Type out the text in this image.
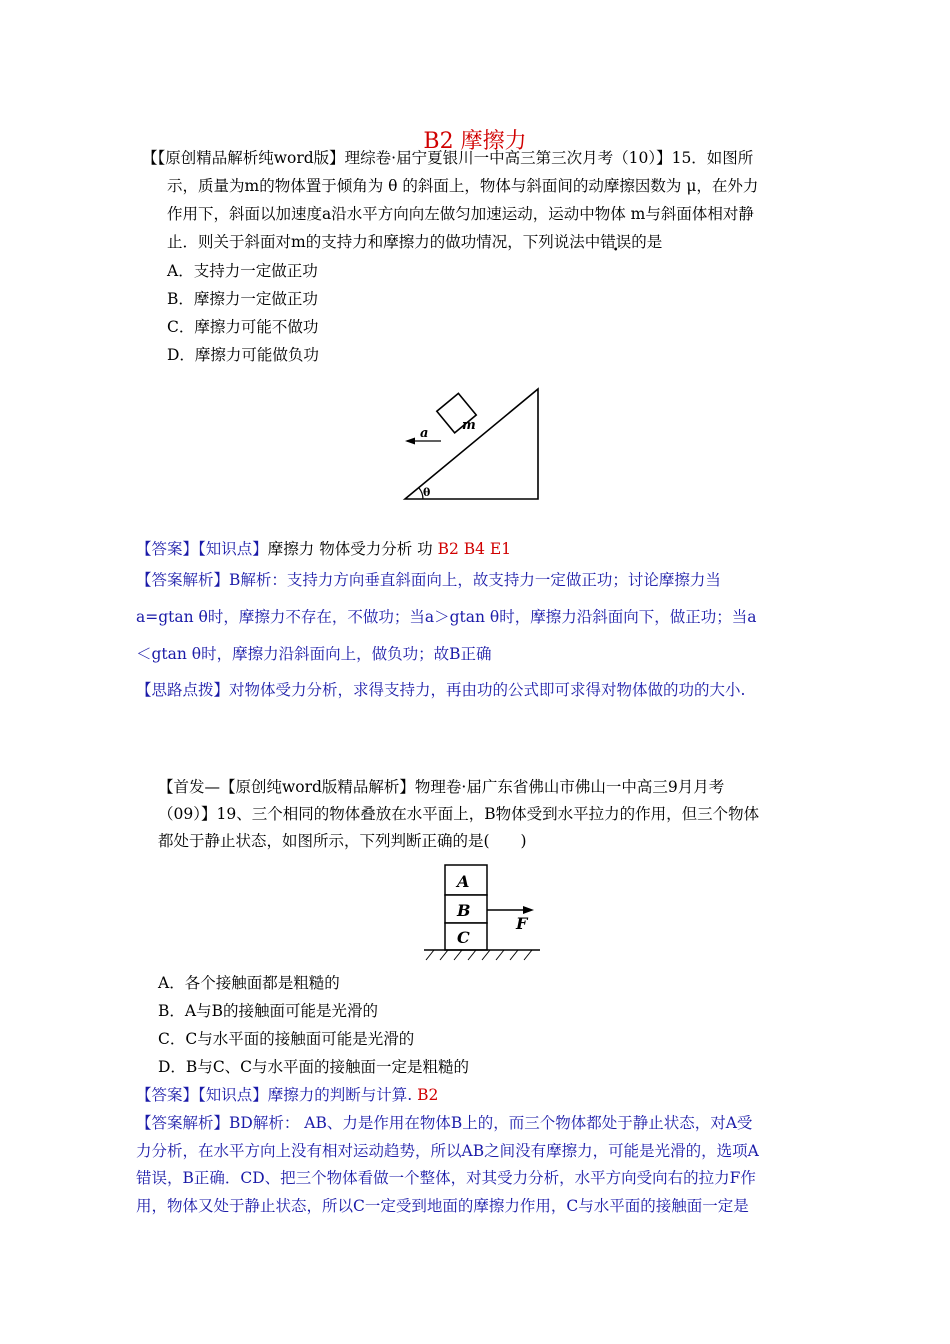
B2 摩擦力
【【原创精品解析纯word版】理综卷·届宁夏银川一中高三第三次月考（10）】15．如图所
示，质量为m的物体置于倾角为 θ 的斜面上，物体与斜面间的动摩擦因数为 μ，在外力
作用下，斜面以加速度a沿水平方向向左做匀加速运动，运动中物体 m与斜面体相对静
止．则关于斜面对m的支持力和摩擦力的做功情况，下列说法中错误的是
A．支持力一定做正功
B．摩擦力一定做正功
C．摩擦力可能不做功
D．摩擦力可能做负功
m
a
θ
【答案】【知识点】摩擦力 物体受力分析 功 B2 B4 E1
【答案解析】B解析：支持力方向垂直斜面向上，故支持力一定做正功；讨论摩擦力当
a=gtan θ时，摩擦力不存在，不做功；当a＞gtan θ时，摩擦力沿斜面向下，做正功；当a
＜gtan θ时，摩擦力沿斜面向上，做负功；故B正确
【思路点拨】对物体受力分析，求得支持力，再由功的公式即可求得对物体做的功的大小.
【首发—【原创纯word版精品解析】物理卷·届广东省佛山市佛山一中高三9月月考
（09）】19、三个相同的物体叠放在水平面上，B物体受到水平拉力的作用，但三个物体
都处于静止状态，如图所示，下列判断正确的是(　　)
A
B
C
F
A．各个接触面都是粗糙的
B．A与B的接触面可能是光滑的
C．C与水平面的接触面可能是光滑的
D．B与C、C与水平面的接触面一定是粗糙的
【答案】【知识点】摩擦力的判断与计算. B2
【答案解析】BD解析： AB、力是作用在物体B上的，而三个物体都处于静止状态，对A受
力分析，在水平方向上没有相对运动趋势，所以AB之间没有摩擦力，可能是光滑的，选项A
错误，B正确．CD、把三个物体看做一个整体，对其受力分析，水平方向受向右的拉力F作
用，物体又处于静止状态，所以C一定受到地面的摩擦力作用，C与水平面的接触面一定是
